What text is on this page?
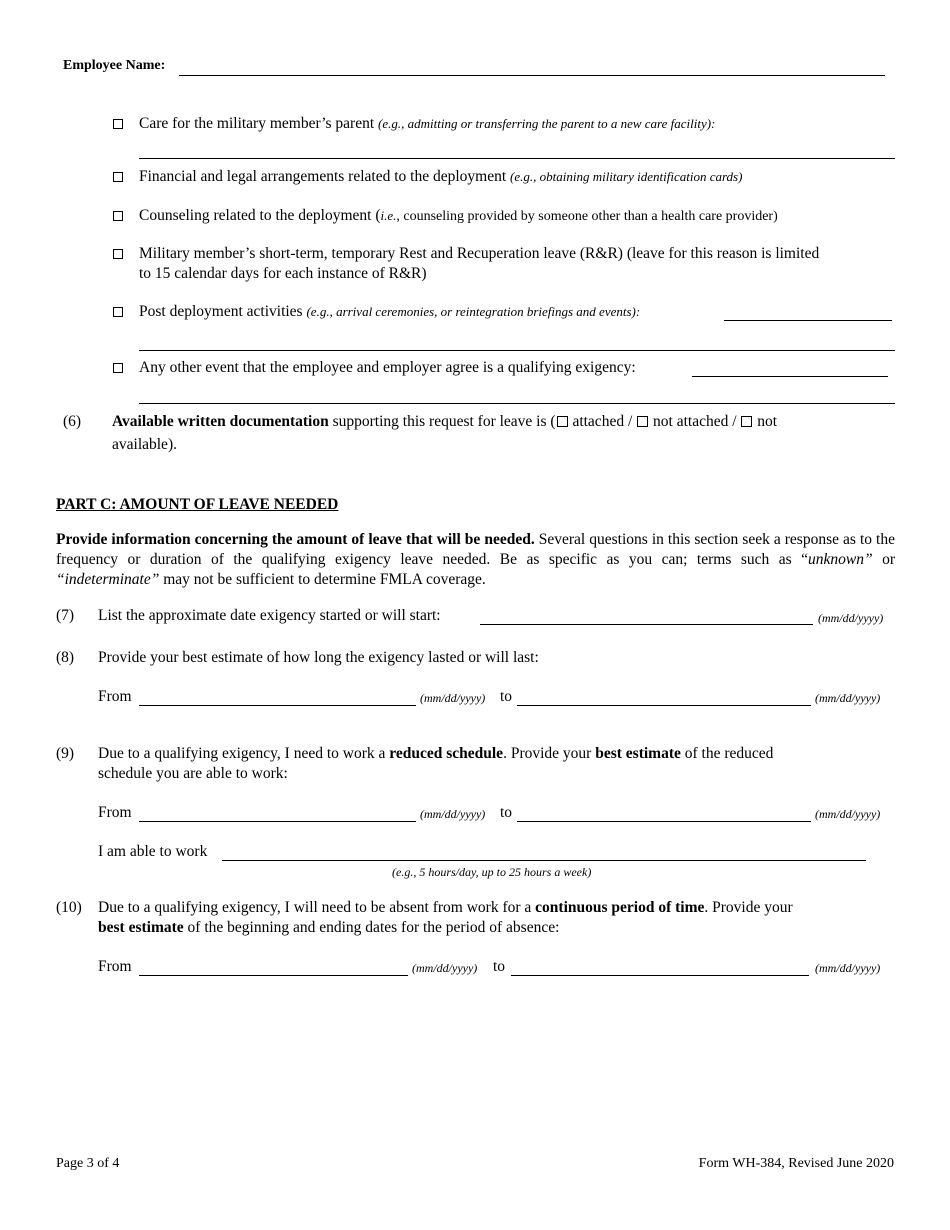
Employee Name:
Care for the military member’s parent (e.g., admitting or transferring the parent to a new care facility):
Financial and legal arrangements related to the deployment (e.g., obtaining military identification cards)
Counseling related to the deployment (i.e., counseling provided by someone other than a health care provider)
Military member’s short-term, temporary Rest and Recuperation leave (R&R) (leave for this reason is limited
to 15 calendar days for each instance of R&R)
Post deployment activities (e.g., arrival ceremonies, or reintegration briefings and events):
Any other event that the employee and employer agree is a qualifying exigency:
(6) Available written documentation supporting this request for leave is ( attached / not attached / not
available).
PART C: AMOUNT OF LEAVE NEEDED
Provide information concerning the amount of leave that will be needed. Several questions in this section seek a response as to the frequency or duration of the qualifying exigency leave needed. Be as specific as you can; terms such as “unknown” or “indeterminate” may not be sufficient to determine FMLA coverage.
(7) List the approximate date exigency started or will start:	(mm/dd/yyyy)
(8) Provide your best estimate of how long the exigency lasted or will last:
From	(mm/dd/yyyy) to	(mm/dd/yyyy)
(9) Due to a qualifying exigency, I need to work a reduced schedule. Provide your best estimate of the reduced
schedule you are able to work:
From	(mm/dd/yyyy) to	(mm/dd/yyyy)
I am able to work
(e.g., 5 hours/day, up to 25 hours a week)
(10) Due to a qualifying exigency, I will need to be absent from work for a continuous period of time. Provide your
best estimate of the beginning and ending dates for the period of absence:
From	(mm/dd/yyyy) to	(mm/dd/yyyy)
Page 3 of 4	Form WH-384, Revised June 2020
